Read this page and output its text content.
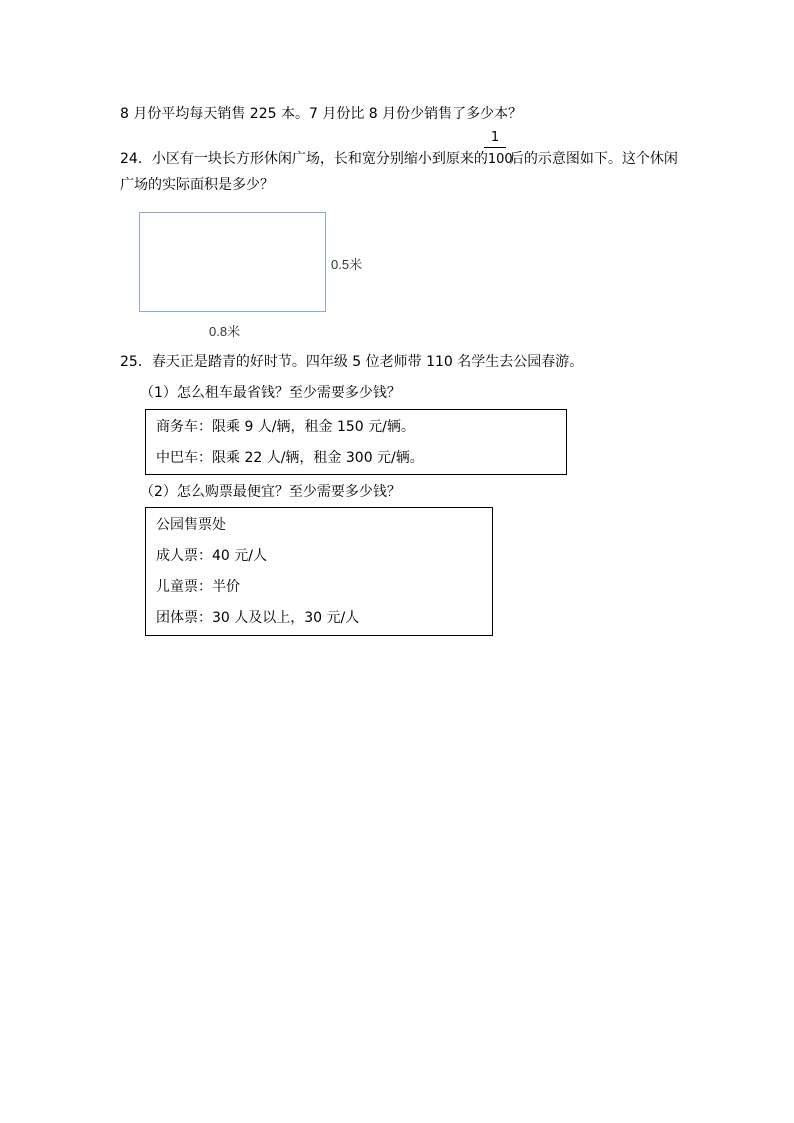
8 月份平均每天销售 225 本。7 月份比 8 月份少销售了多少本？
1
24．小区有一块长方形休闲广场，长和宽分别缩小到原来的100后的示意图如下。这个休闲
广场的实际面积是多少？
0.5米
0.8米
25．春天正是踏青的好时节。四年级 5 位老师带 110 名学生去公园春游。
（1）怎么租车最省钱？至少需要多少钱？
商务车：限乘 9 人/辆，租金 150 元/辆。
中巴车：限乘 22 人/辆，租金 300 元/辆。
（2）怎么购票最便宜？至少需要多少钱？
公园售票处
成人票：40 元/人
儿童票：半价
团体票：30 人及以上，30 元/人
